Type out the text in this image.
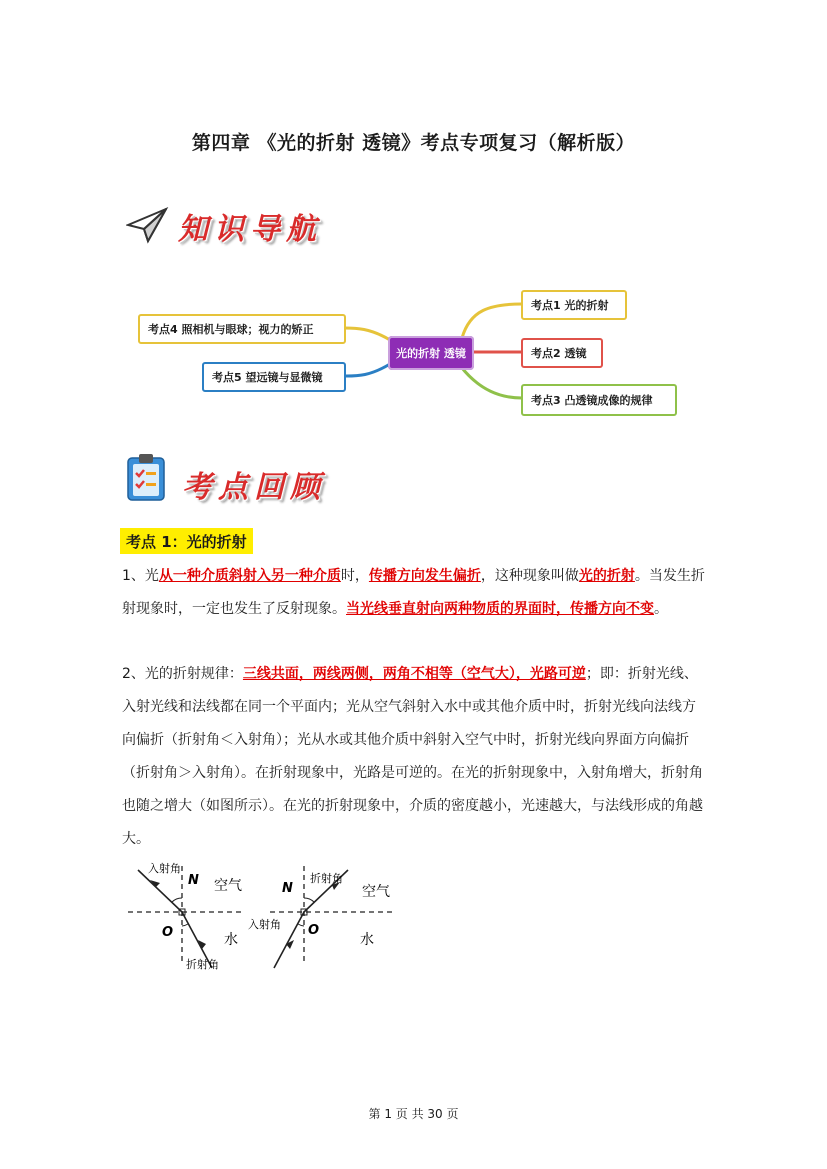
第四章 《光的折射 透镜》考点专项复习（解析版）
知识导航
光的折射 透镜
考点1 光的折射
考点2 透镜
考点3 凸透镜成像的规律
考点4 照相机与眼球；视力的矫正
考点5 望远镜与显微镜
考点回顾
考点 1：光的折射
1、光从一种介质斜射入另一种介质时，传播方向发生偏折，这种现象叫做光的折射。当发生折射现象时，一定也发生了反射现象。当光线垂直射向两种物质的界面时，传播方向不变。
2、光的折射规律：三线共面，两线两侧，两角不相等（空气大），光路可逆；即：折射光线、入射光线和法线都在同一个平面内；光从空气斜射入水中或其他介质中时，折射光线向法线方向偏折（折射角＜入射角）；光从水或其他介质中斜射入空气中时，折射光线向界面方向偏折（折射角＞入射角）。在折射现象中，光路是可逆的。在光的折射现象中，入射角增大，折射角也随之增大（如图所示）。在光的折射现象中，介质的密度越小，光速越大，与法线形成的角越大。
入射角
N 空气
O	水
折射角
折射角
N	空气
入射角 O
水
第 1 页 共 30 页
